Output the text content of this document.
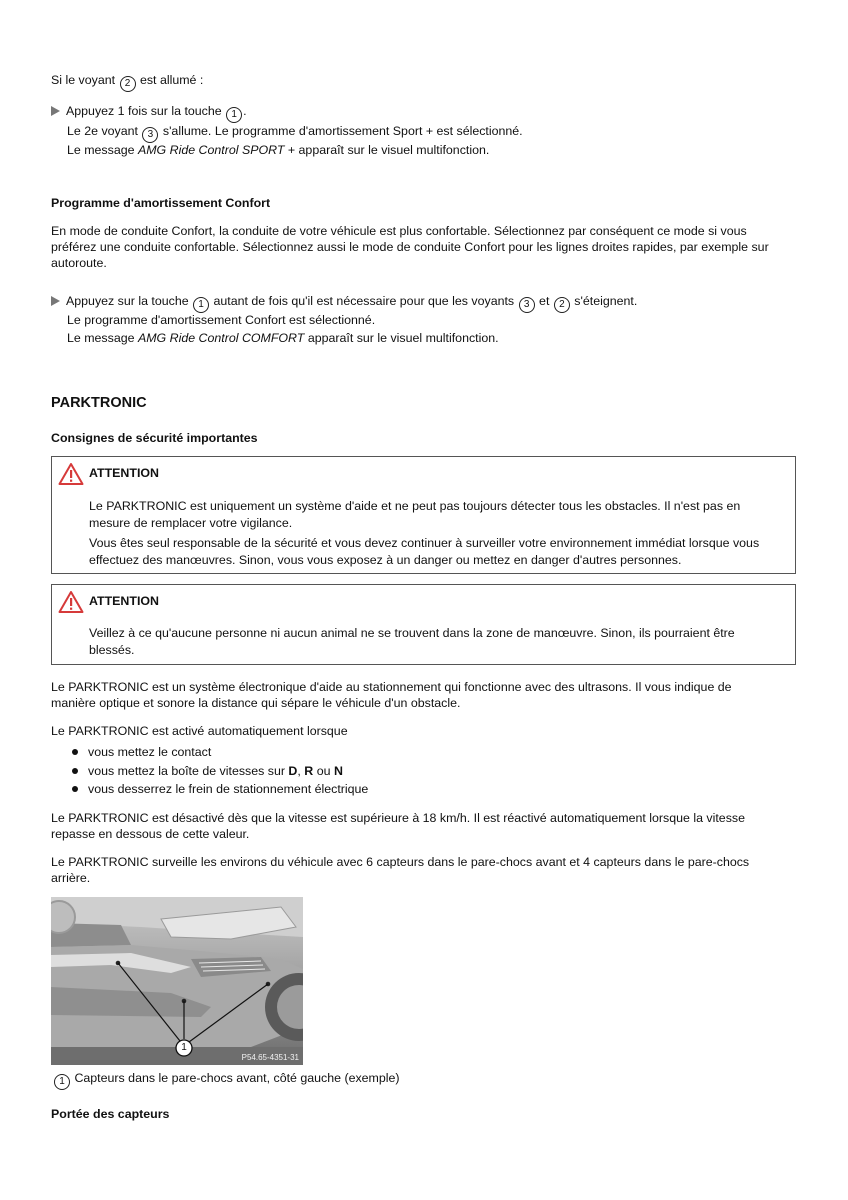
Si le voyant 2 est allumé :

Appuyez 1 fois sur la touche 1 .

Le 2e voyant 3 s'allume. Le programme d'amortissement Sport + est sélectionné.

Le message AMG Ride Control SPORT + apparaît sur le visuel multifonction.

Programme d'amortissement Confort

En mode de conduite Confort, la conduite de votre véhicule est plus confortable. Sélectionnez par conséquent ce mode si vous

préférez une conduite confortable. Sélectionnez aussi le mode de conduite Confort pour les lignes droites rapides, par exemple sur

autoroute.

Appuyez sur la touche 1 autant de fois qu'il est nécessaire pour que les voyants 3 et 2 s'éteignent.

Le programme d'amortissement Confort est sélectionné.

Le message AMG Ride Control COMFORT apparaît sur le visuel multifonction.

PARKTRONIC

Consignes de sécurité importantes

ATTENTION

Le PARKTRONIC est uniquement un système d'aide et ne peut pas toujours détecter tous les obstacles. Il n'est pas en

mesure de remplacer votre vigilance.

Vous êtes seul responsable de la sécurité et vous devez continuer à surveiller votre environnement immédiat lorsque vous

effectuez des manœuvres. Sinon, vous vous exposez à un danger ou mettez en danger d'autres personnes.

ATTENTION

Veillez à ce qu'aucune personne ni aucun animal ne se trouvent dans la zone de manœuvre. Sinon, ils pourraient être

blessés.

Le PARKTRONIC est un système électronique d'aide au stationnement qui fonctionne avec des ultrasons. Il vous indique de

manière optique et sonore la distance qui sépare le véhicule d'un obstacle.

Le PARKTRONIC est activé automatiquement lorsque

vous mettez le contact

vous mettez la boîte de vitesses sur D, R ou N

vous desserrez le frein de stationnement électrique

Le PARKTRONIC est désactivé dès que la vitesse est supérieure à 18 km/h. Il est réactivé automatiquement lorsque la vitesse

repasse en dessous de cette valeur.

Le PARKTRONIC surveille les environs du véhicule avec 6 capteurs dans le pare-chocs avant et 4 capteurs dans le pare-chocs

arrière.

1
P54.65-4351-31

1 Capteurs dans le pare-chocs avant, côté gauche (exemple)

Portée des capteurs
